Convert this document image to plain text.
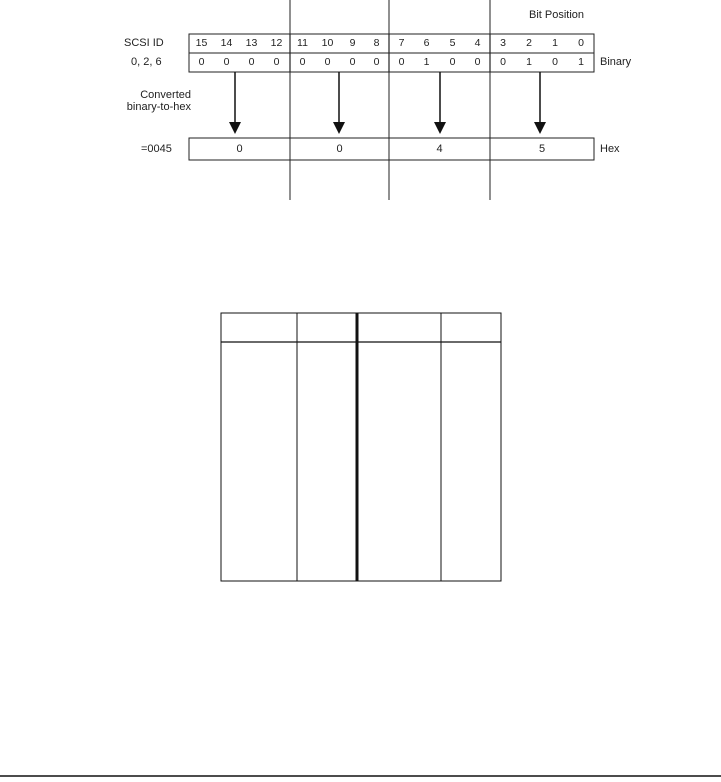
Bit Position
SCSI ID
0, 2, 6
Converted
binary-to-hex
=0045
Binary
Hex
15	14	13	12	11	10	9	8	7	6	5	4	3	2	1	0
0	0	0	0	0	0	0	0	0	1	0	0	0	1	0	1
0	0	4	5
